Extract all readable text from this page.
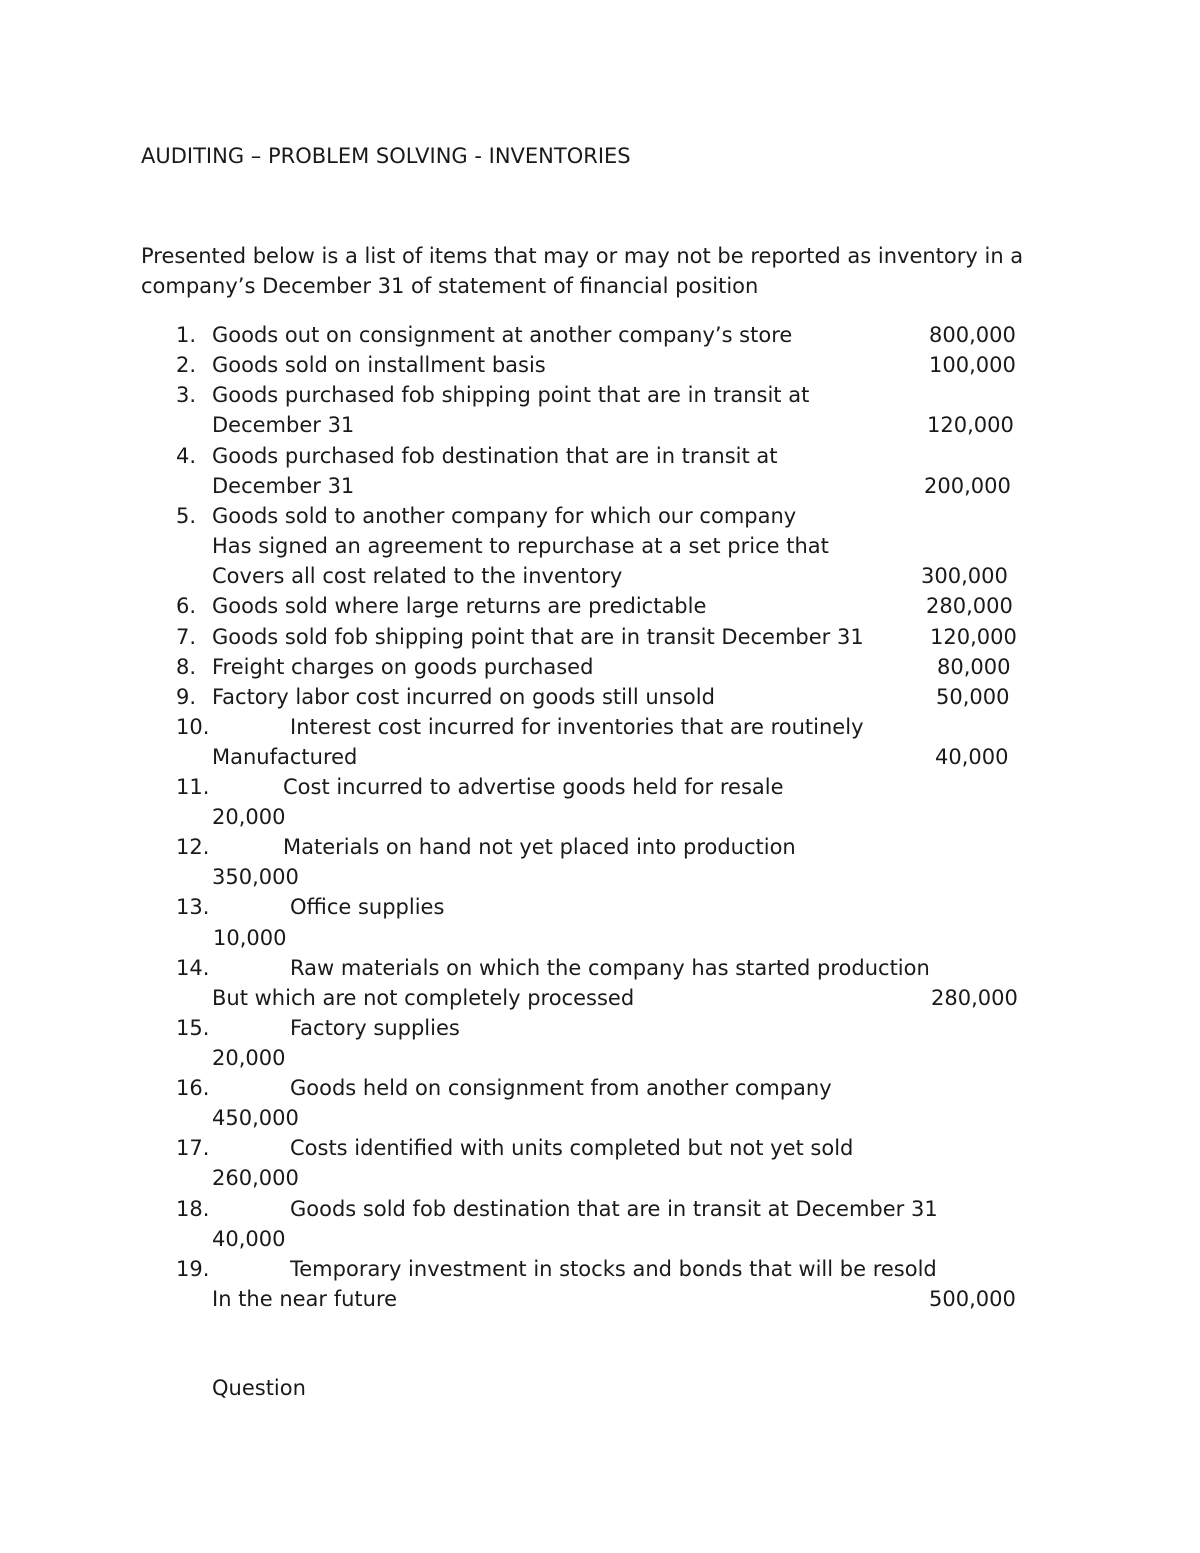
AUDITING – PROBLEM SOLVING - INVENTORIES
Presented below is a list of items that may or may not be reported as inventory in a
company’s December 31 of statement of financial position
1. Goods out on consignment at another company’s store	800,000
2. Goods sold on installment basis	100,000
3. Goods purchased fob shipping point that are in transit at
December 31	120,000
4. Goods purchased fob destination that are in transit at
December 31	200,000
5. Goods sold to another company for which our company
Has signed an agreement to repurchase at a set price that
Covers all cost related to the inventory	300,000
6. Goods sold where large returns are predictable	280,000
7. Goods sold fob shipping point that are in transit December 31	120,000
8. Freight charges on goods purchased	80,000
9. Factory labor cost incurred on goods still unsold	50,000
10.	Interest cost incurred for inventories that are routinely
Manufactured	40,000
11.	Cost incurred to advertise goods held for resale
20,000
12.	Materials on hand not yet placed into production
350,000
13.	Office supplies
10,000
14.	Raw materials on which the company has started production
But which are not completely processed	280,000
15.	Factory supplies
20,000
16.	Goods held on consignment from another company
450,000
17.	Costs identified with units completed but not yet sold
260,000
18.	Goods sold fob destination that are in transit at December 31
40,000
19.	Temporary investment in stocks and bonds that will be resold
In the near future	500,000
Question
